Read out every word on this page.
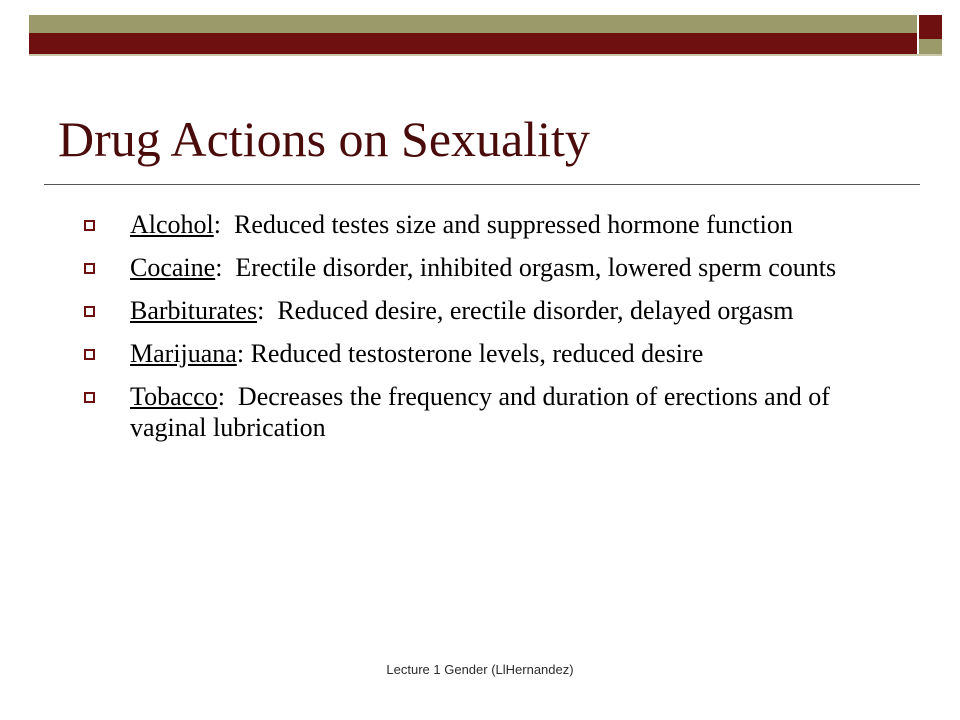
Drug Actions on Sexuality
Alcohol:  Reduced testes size and suppressed hormone function
Cocaine:  Erectile disorder, inhibited orgasm, lowered sperm counts
Barbiturates:  Reduced desire, erectile disorder, delayed orgasm
Marijuana: Reduced testosterone levels, reduced desire
Tobacco:  Decreases the frequency and duration of erections and of vaginal lubrication
Lecture 1 Gender (LlHernandez)
